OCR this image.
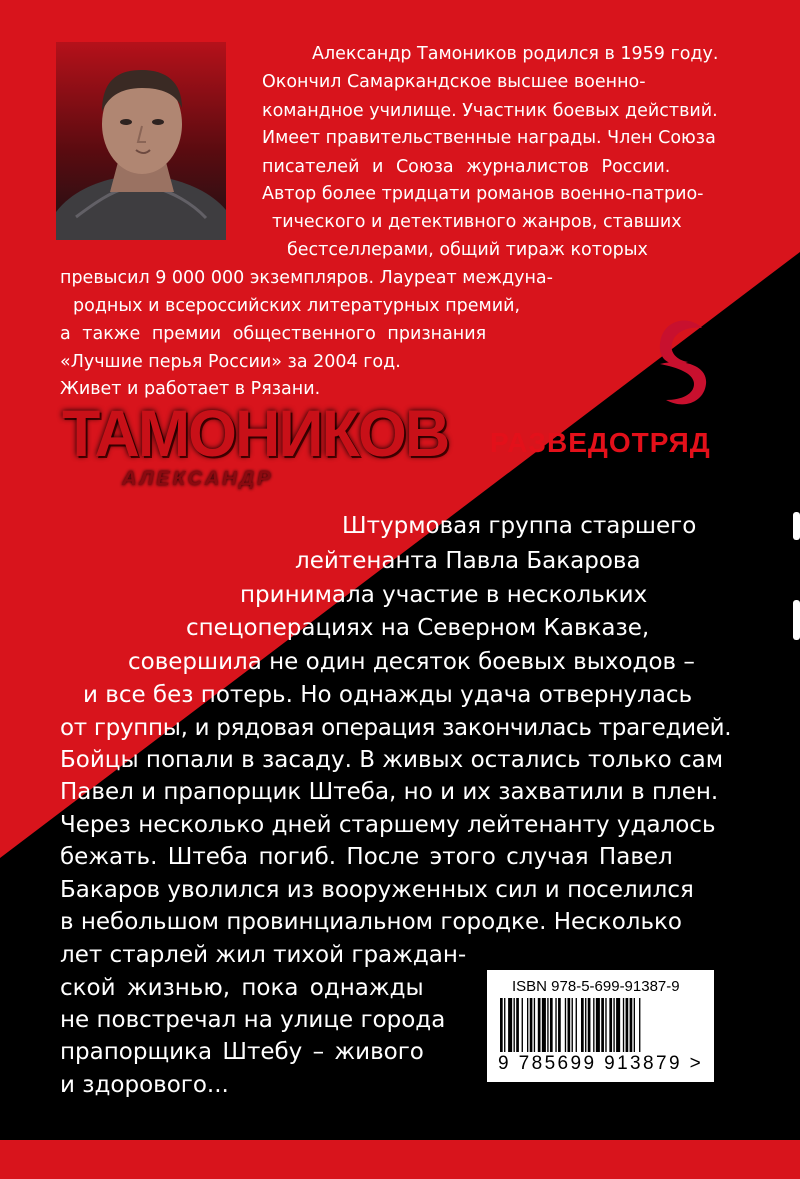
Александр Тамоников родился в 1959 году.
Окончил Самаркандское высшее военно-
командное училище. Участник боевых действий.
Имеет правительственные награды. Член Союза
писателей и Союза журналистов России.
Автор более тридцати романов военно-патрио-
тического и детективного жанров, ставших
бестселлерами, общий тираж которых
превысил 9 000 000 экземпляров. Лауреат междуна-
родных и всероссийских литературных премий,
а также премии общественного признания
«Лучшие перья России» за 2004 год.
Живет и работает в Рязани.
ТАМОНИКОВ
АЛЕКСАНДР
РАЗВЕДОТРЯД
Штурмовая группа старшего
лейтенанта Павла Бакарова
принимала участие в нескольких
спецоперациях на Северном Кавказе,
совершила не один десяток боевых выходов –
и все без потерь. Но однажды удача отвернулась
от группы, и рядовая операция закончилась трагедией.
Бойцы попали в засаду. В живых остались только сам
Павел и прапорщик Штеба, но и их захватили в плен.
Через несколько дней старшему лейтенанту удалось
бежать. Штеба погиб. После этого случая Павел
Бакаров уволился из вооруженных сил и поселился
в небольшом провинциальном городке. Несколько
лет старлей жил тихой граждан-
ской жизнью, пока однажды
не повстречал на улице города
прапорщика Штебу – живого
и здорового...
ISBN 978-5-699-91387-9
9 785699 913879 >
